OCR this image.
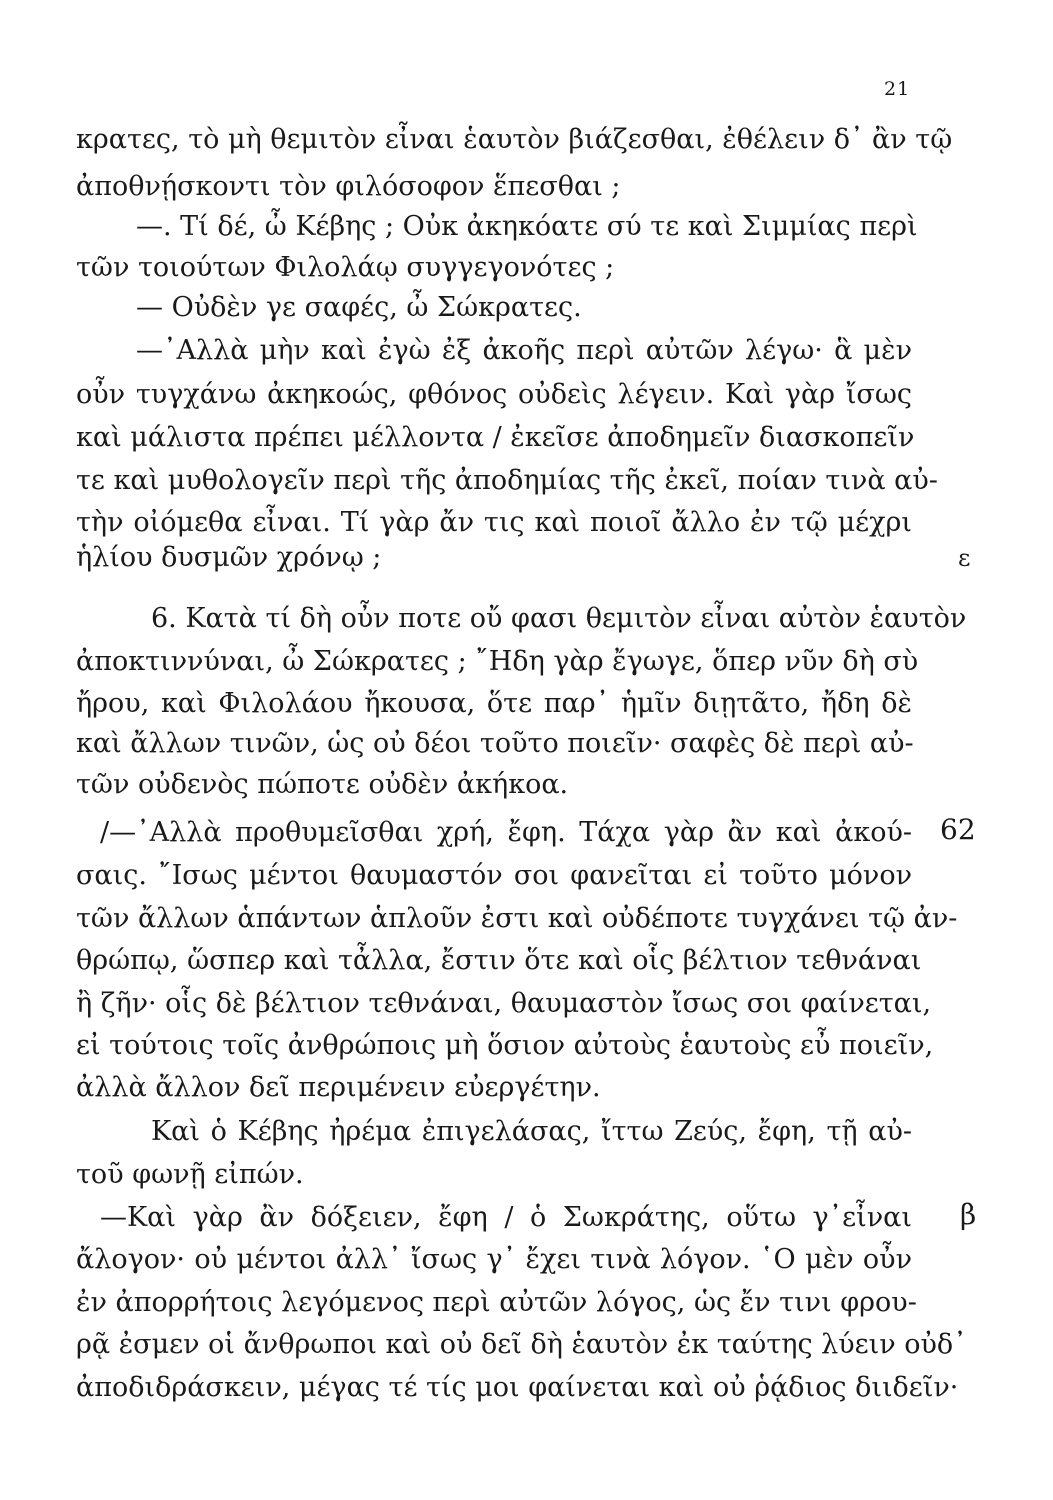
21
κρατες, τὸ μὴ θεμιτὸν εἶναι ἑαυτὸν βιάζεσθαι, ἐθέλειν δ᾽ ἂν τῷ
ἀποθνῄσκοντι τὸν φιλόσοφον ἕπεσθαι ;
—. Τί δέ, ὦ Κέβης ; Οὐκ ἀκηκόατε σύ τε καὶ Σιμμίας περὶ
τῶν τοιούτων Φιλολάῳ συγγεγονότες ;
— Οὐδὲν γε σαφές, ὦ Σώκρατες.
—᾽Αλλὰ μὴν καὶ ἐγὼ ἐξ ἀκοῆς περὶ αὐτῶν λέγω· ἃ μὲν
οὖν τυγχάνω ἀκηκοώς, φθόνος οὐδεὶς λέγειν. Καὶ γὰρ ἴσως
καὶ μάλιστα πρέπει μέλλοντα / ἐκεῖσε ἀποδημεῖν διασκοπεῖν
τε καὶ μυθολογεῖν περὶ τῆς ἀποδημίας τῆς ἐκεῖ, ποίαν τινὰ αὐ-
τὴν οἰόμεθα εἶναι. Τί γὰρ ἄν τις καὶ ποιοῖ ἄλλο ἐν τῷ μέχρι
ἡλίου δυσμῶν χρόνῳ ;
6. Κατὰ τί δὴ οὖν ποτε οὔ φασι θεμιτὸν εἶναι αὐτὸν ἑαυτὸν
ἀποκτιννύναι, ὦ Σώκρατες ; ῎Ηδη γὰρ ἔγωγε, ὅπερ νῦν δὴ σὺ
ἤρου, καὶ Φιλολάου ἤκουσα, ὅτε παρ᾽ ἡμῖν διῃτᾶτο, ἤδη δὲ
καὶ ἄλλων τινῶν, ὡς οὐ δέοι τοῦτο ποιεῖν· σαφὲς δὲ περὶ αὐ-
τῶν οὐδενὸς πώποτε οὐδὲν ἀκήκοα.
/—᾽Αλλὰ προθυμεῖσθαι χρή, ἔφη. Τάχα γὰρ ἂν καὶ ἀκού-
σαις. ῎Ισως μέντοι θαυμαστόν σοι φανεῖται εἰ τοῦτο μόνον
τῶν ἄλλων ἁπάντων ἁπλοῦν ἐστι καὶ οὐδέποτε τυγχάνει τῷ ἀν-
θρώπῳ, ὥσπερ καὶ τἆλλα, ἔστιν ὅτε καὶ οἷς βέλτιον τεθνάναι
ἢ ζῆν· οἷς δὲ βέλτιον τεθνάναι, θαυμαστὸν ἴσως σοι φαίνεται,
εἰ τούτοις τοῖς ἀνθρώποις μὴ ὅσιον αὐτοὺς ἑαυτοὺς εὖ ποιεῖν,
ἀλλὰ ἄλλον δεῖ περιμένειν εὐεργέτην.
Καὶ ὁ Κέβης ἠρέμα ἐπιγελάσας, ἴττω Ζεύς, ἔφη, τῇ αὐ-
τοῦ φωνῇ εἰπών.
—Καὶ γὰρ ἂν δόξειεν, ἔφη / ὁ Σωκράτης, οὕτω γ᾽εἶναι
ἄλογον· οὐ μέντοι ἀλλ᾽ ἴσως γ᾽ ἔχει τινὰ λόγον. ῾Ο μὲν οὖν
ἐν ἀπορρήτοις λεγόμενος περὶ αὐτῶν λόγος, ὡς ἔν τινι φρου-
ρᾷ ἐσμεν οἱ ἄνθρωποι καὶ οὐ δεῖ δὴ ἑαυτὸν ἐκ ταύτης λύειν οὐδ᾽
ἀποδιδράσκειν, μέγας τέ τίς μοι φαίνεται καὶ οὐ ῥᾴδιος διιδεῖν·
ε
62
β
